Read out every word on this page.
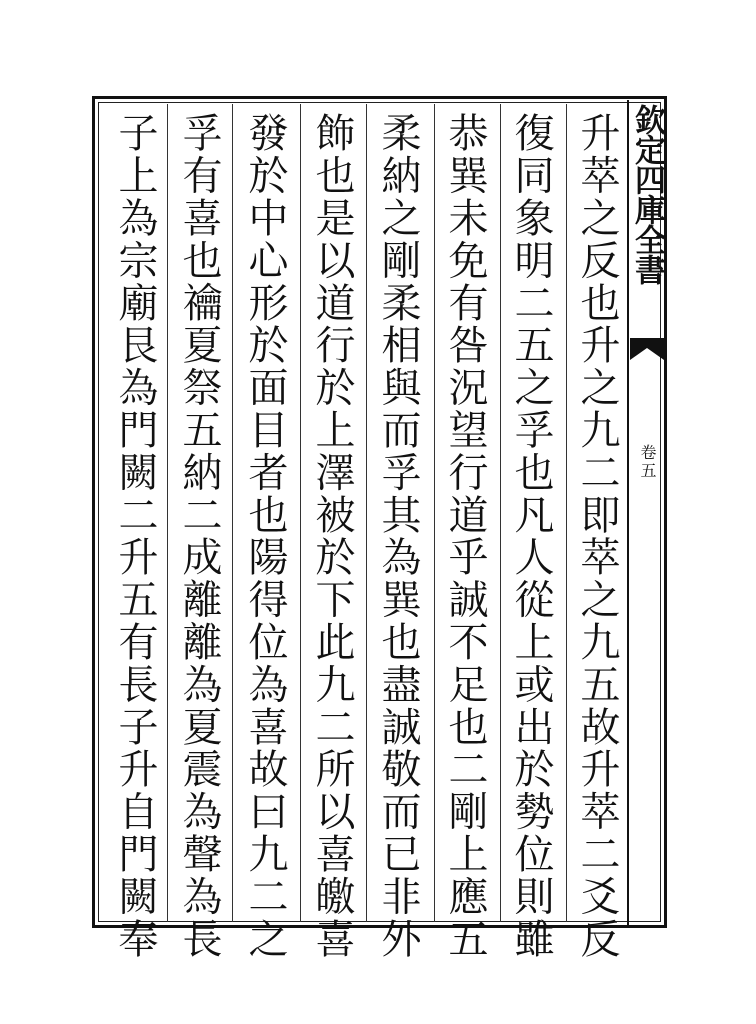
欽定四庫全書
卷五
升萃之反也升之九二即萃之九五故升萃二爻反
復同象明二五之孚也凡人從上或出於勢位則雖
恭巽未免有咎況望行道乎誠不足也二剛上應五
柔納之剛柔相與而孚其為巽也盡誠敬而已非外
飾也是以道行於上澤被於下此九二所以喜皦喜
發於中心形於面目者也陽得位為喜故曰九二之
孚有喜也禴夏祭五納二成離離為夏震為聲為長
子上為宗廟艮為門闕二升五有長子升自門闕奉
